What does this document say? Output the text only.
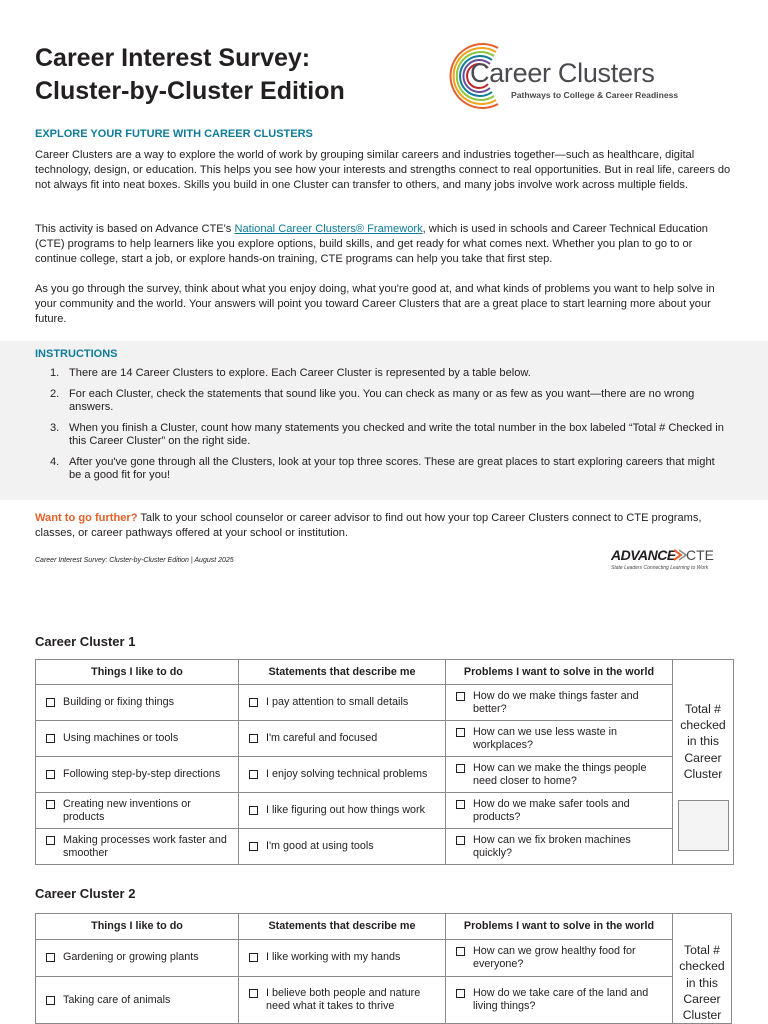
Career Interest Survey:
Cluster-by-Cluster Edition
Career Clusters
Pathways to College & Career Readiness
EXPLORE YOUR FUTURE WITH CAREER CLUSTERS

Career Clusters are a way to explore the world of work by grouping similar careers and industries together—such as healthcare, digital technology, design, or education. This helps you see how your interests and strengths connect to real opportunities. But in real life, careers do not always fit into neat boxes. Skills you build in one Cluster can transfer to others, and many jobs involve work across multiple fields.

This activity is based on Advance CTE's National Career Clusters® Framework, which is used in schools and Career Technical Education (CTE) programs to help learners like you explore options, build skills, and get ready for what comes next. Whether you plan to go to or continue college, start a job, or explore hands-on training, CTE programs can help you take that first step.

As you go through the survey, think about what you enjoy doing, what you're good at, and what kinds of problems you want to help solve in your community and the world. Your answers will point you toward Career Clusters that are a great place to start learning more about your future.

INSTRUCTIONS
1. There are 14 Career Clusters to explore. Each Career Cluster is represented by a table below.
2. For each Cluster, check the statements that sound like you. You can check as many or as few as you want—there are no wrong answers.
3. When you finish a Cluster, count how many statements you checked and write the total number in the box labeled “Total # Checked in this Career Cluster” on the right side.
4. After you've gone through all the Clusters, look at your top three scores. These are great places to start exploring careers that might be a good fit for you!

Want to go further? Talk to your school counselor or career advisor to find out how your top Career Clusters connect to CTE programs, classes, or career pathways offered at your school or institution.

Career Interest Survey: Cluster-by-Cluster Edition | August 2025	ADVANCE CTE
State Leaders Connecting Learning to Work
Career Cluster 1
Things I like to do	Statements that describe me	Problems I want to solve in the world	Total #
checked
in this
Career
Cluster

Building or fixing things	I pay attention to small details	How do we make things faster and better?	

Using machines or tools	I'm careful and focused	How can we use less waste in workplaces?	

Following step-by-step directions	I enjoy solving technical problems	How can we make the things people need closer to home?	

Creating new inventions or products	I like figuring out how things work	How do we make safer tools and products?	

Making processes work faster and smoother	I'm good at using tools	How can we fix broken machines quickly?	
Career Cluster 2
Things I like to do	Statements that describe me	Problems I want to solve in the world	Total #
checked
in this
Career
Cluster

Gardening or growing plants	I like working with my hands	How can we grow healthy food for everyone?	

Taking care of animals	I believe both people and nature need what it takes to thrive	How do we take care of the land and living things?	
